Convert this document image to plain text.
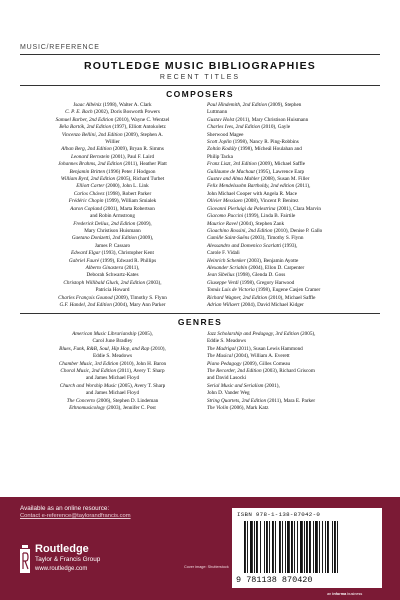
MUSIC/REFERENCE
ROUTLEDGE MUSIC BIBLIOGRAPHIES
RECENT TITLES
COMPOSERS
Isaac Albéniz (1998), Walter A. Clark
C. P. E. Bach (2002), Doris Bosworth Powers
Samuel Barber, 2nd Edition (2010), Wayne C. Wentzel
Béla Bartók, 2nd Edition (1997), Elliott Antokoletz
Vincenzo Bellini, 2nd Edition (2009), Stephen A.
Willier
Alban Berg, 2nd Edition (2009), Bryan R. Simms
Leonard Bernstein (2001), Paul F. Laird
Johannes Brahms, 2nd Edition (2011), Heather Platt
Benjamin Britten (1996) Peter J Hodgson
William Byrd, 2nd Edition (2005), Richard Turbet
Elliott Carter (2000), John L. Link
Carlos Chávez (1998), Robert Parker
Frédéric Chopin (1999), William Smialek
Aaron Copland (2001), Marta Robertson
and Robin Armstrong
Frederick Delius, 2nd Edition (2009),
Mary Christison Huismann
Gaetano Donizetti, 2nd Edition (2009),
James P. Cassaro
Edward Elgar (1993), Christopher Kent
Gabriel Fauré (1999), Edward R. Phillips
Alberto Ginastera (2011),
Deborah Schwartz-Kates
Christoph Willibald Gluck, 2nd Edition (2003),
Patricia Howard
Charles François Gounod (2009), Timothy S. Flynn
G.F. Handel, 2nd Edition (2004), Mary Ann Parker
Paul Hindemith, 2nd Edition (2009), Stephen
Luttmann
Gustav Holst (2011), Mary Christison Huismann
Charles Ives, 2nd Edition (2010), Gayle
Sherwood Magee
Scott Joplin (1998), Nancy R. Ping-Robbins
Zoltán Kodály (1998), Mícheál Houlahan and
Philip Tacka
Franz Liszt, 3rd Edition (2009), Michael Saffle
Guillaume de Machaut (1995), Lawrence Earp
Gustav and Alma Mahler (2008), Susan M. Filler
Felix Mendelssohn Bartholdy, 2nd edition (2011),
John Michael Cooper with Angela R. Mace
Olivier Messiaen (2008), Vincent P. Benitez
Giovanni Pierluigi da Palestrina (2001), Clara Marvin
Giacomo Puccini (1999), Linda B. Fairtile
Maurice Ravel (2004), Stephen Zank
Gioachino Rossini, 2nd Edition (2010), Denise P. Gallo
Camille Saint-Saëns (2003), Timothy S. Flynn
Alessandro and Domenico Scarlatti (1993),
Carole F. Vidali
Heinrich Schenker (2003), Benjamin Ayotte
Alexander Scriabin (2004), Ellon D. Carpenter
Jean Sibelius (1998), Glenda D. Goss
Giuseppe Verdi (1998), Gregory Harwood
Tomás Luis de Victoria (1998), Eugene Casjen Cramer
Richard Wagner, 2nd Edition (2010), Michael Saffle
Adrian Willaert (2004), David Michael Kidger
GENRES
American Music Librarianship (2005),
Carol June Bradley
Blues, Funk, R&B, Soul, Hip Hop, and Rap (2010),
Eddie S. Meadows
Chamber Music, 3rd Edition (2010), John H. Baron
Choral Music, 2nd Edition (2011), Avery T. Sharp
and James Michael Floyd
Church and Worship Music (2005), Avery T. Sharp
and James Michael Floyd
The Concerto (2006), Stephen D. Lindeman
Ethnomusicology (2003), Jennifer C. Post
Jazz Scholarship and Pedagogy, 3rd Edition (2005),
Eddie S. Meadows
The Madrigal (2011), Susan Lewis Hammond
The Musical (2004), William A. Everett
Piano Pedagogy (2009), Gilles Comeau
The Recorder, 2nd Edition (2003), Richard Griscom
and David Lasocki
Serial Music and Serialism (2001),
John D. Vander Weg
String Quartets, 2nd Edition (2011), Mara E. Parker
The Violin (2006), Mark Katz
Available as an online resource:
Contact e-reference@taylorandfrancis.com
Routledge
Taylor & Francis Group
www.routledge.com	Cover image: Shutterstock
ISBN 978-1-138-87042-0
9 781138 870420
an informa business
